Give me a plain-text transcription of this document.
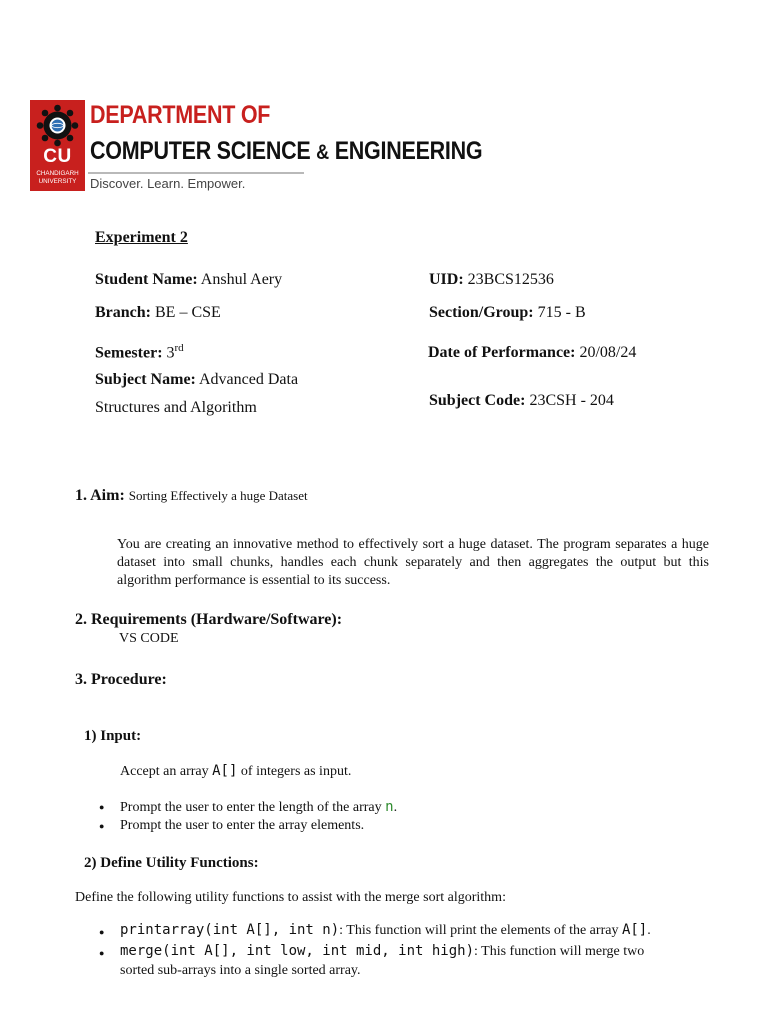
CU
CHANDIGARH
UNIVERSITY
DEPARTMENT OF
COMPUTER SCIENCE & ENGINEERING
Discover. Learn. Empower.
Experiment 2
Student Name: Anshul Aery	UID: 23BCS12536
Branch: BE – CSE	Section/Group: 715 - B
Semester: 3rd	Date of Performance: 20/08/24
Subject Name: Advanced Data
Structures and Algorithm	Subject Code: 23CSH - 204
1. Aim: Sorting Effectively a huge Dataset
You are creating an innovative method to effectively sort a huge dataset. The program separates a huge dataset into small chunks, handles each chunk separately and then aggregates the output but this algorithm performance is essential to its success.
2. Requirements (Hardware/Software):
VS CODE
3. Procedure:
1) Input:
Accept an array A[] of integers as input.
● Prompt the user to enter the length of the array n.
● Prompt the user to enter the array elements.
2) Define Utility Functions:
Define the following utility functions to assist with the merge sort algorithm:
● printarray(int A[], int n): This function will print the elements of the array A[].
● merge(int A[], int low, int mid, int high): This function will merge two
sorted sub-arrays into a single sorted array.
